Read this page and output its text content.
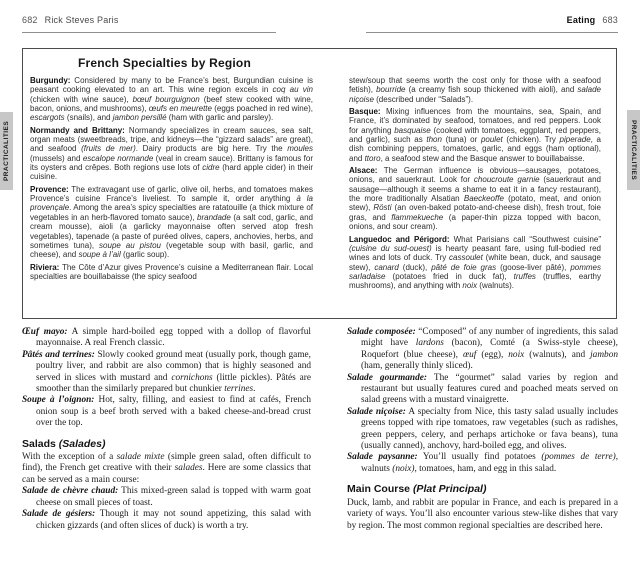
682 Rick Steves Paris	Eating 683
PRACTICALITIES	PRACTICALITIES
French Specialties by Region

Burgundy: Considered by many to be France’s best, Burgundian cuisine is peasant cooking elevated to an art. This wine region excels in coq au vin (chicken with wine sauce), bœuf bourguignon (beef stew cooked with wine, bacon, onions, and mushrooms), œufs en meurette (eggs poached in red wine), escargots (snails), and jambon persillé (ham with garlic and parsley).

Normandy and Brittany: Normandy specializes in cream sauces, sea salt, organ meats (sweetbreads, tripe, and kidneys—the “gizzard salads” are great), and seafood (fruits de mer). Dairy products are big here. Try the moules (mussels) and escalope normande (veal in cream sauce). Brittany is famous for its oysters and crêpes. Both regions use lots of cidre (hard apple cider) in their cuisine.

Provence: The extravagant use of garlic, olive oil, herbs, and tomatoes makes Provence’s cuisine France’s liveliest. To sample it, order anything à la provençale. Among the area’s spicy specialties are ratatouille (a thick mixture of vegetables in an herb-flavored tomato sauce), brandade (a salt cod, garlic, and cream mousse), aioli (a garlicky mayonnaise often served atop fresh vegetables), tapenade (a paste of puréed olives, capers, anchovies, herbs, and sometimes tuna), soupe au pistou (vegetable soup with basil, garlic, and cheese), and soupe à l’ail (garlic soup).

Riviera: The Côte d’Azur gives Provence’s cuisine a Mediterranean flair. Local specialties are bouillabaisse (the spicy seafood

stew/soup that seems worth the cost only for those with a seafood fetish), bourride (a creamy fish soup thickened with aioli), and salade niçoise (described under “Salads”).

Basque: Mixing influences from the mountains, sea, Spain, and France, it’s dominated by seafood, tomatoes, and red peppers. Look for anything basquaise (cooked with tomatoes, eggplant, red peppers, and garlic), such as thon (tuna) or poulet (chicken). Try piperade, a dish combining peppers, tomatoes, garlic, and eggs (ham optional), and ttoro, a seafood stew and the Basque answer to bouillabaisse.

Alsace: The German influence is obvious—sausages, potatoes, onions, and sauerkraut. Look for choucroute garnie (sauerkraut and sausage—although it seems a shame to eat it in a fancy restaurant), the more traditionally Alsatian Baeckeoffe (potato, meat, and onion stew), Rösti (an oven-baked potato-and-cheese dish), fresh trout, foie gras, and flammekueche (a paper-thin pizza topped with bacon, onions, and sour cream).

Languedoc and Périgord: What Parisians call “Southwest cuisine” (cuisine du sud-ouest) is hearty peasant fare, using full-bodied red wines and lots of duck. Try cassoulet (white bean, duck, and sausage stew), canard (duck), pâté de foie gras (goose-liver pâté), pommes sarladaise (potatoes fried in duck fat), truffes (truffles, earthy mushrooms), and anything with noix (walnuts).

Œuf mayo: A simple hard-boiled egg topped with a dollop of flavorful mayonnaise. A real French classic.

Pâtés and terrines: Slowly cooked ground meat (usually pork, though game, poultry liver, and rabbit are also common) that is highly seasoned and served in slices with mustard and cornichons (little pickles). Pâtés are smoother than the similarly prepared but chunkier terrines.

Soupe à l’oignon: Hot, salty, filling, and easiest to find at cafés, French onion soup is a beef broth served with a baked cheese-and-bread crust over the top.

Salads (Salades)

With the exception of a salade mixte (simple green salad, often difficult to find), the French get creative with their salades. Here are some classics that can be served as a main course:

Salade de chèvre chaud: This mixed-green salad is topped with warm goat cheese on small pieces of toast.

Salade de gésiers: Though it may not sound appetizing, this salad with chicken gizzards (and often slices of duck) is worth a try.

Salade composée: “Composed” of any number of ingredients, this salad might have lardons (bacon), Comté (a Swiss-style cheese), Roquefort (blue cheese), œuf (egg), noix (walnuts), and jambon (ham, generally thinly sliced).

Salade gourmande: The “gourmet” salad varies by region and restaurant but usually features cured and poached meats served on salad greens with a mustard vinaigrette.

Salade niçoise: A specialty from Nice, this tasty salad usually includes greens topped with ripe tomatoes, raw vegetables (such as radishes, green peppers, celery, and perhaps artichoke or fava beans), tuna (usually canned), anchovy, hard-boiled egg, and olives.

Salade paysanne: You’ll usually find potatoes (pommes de terre), walnuts (noix), tomatoes, ham, and egg in this salad.

Main Course (Plat Principal)

Duck, lamb, and rabbit are popular in France, and each is prepared in a variety of ways. You’ll also encounter various stew-like dishes that vary by region. The most common regional specialties are described here.
